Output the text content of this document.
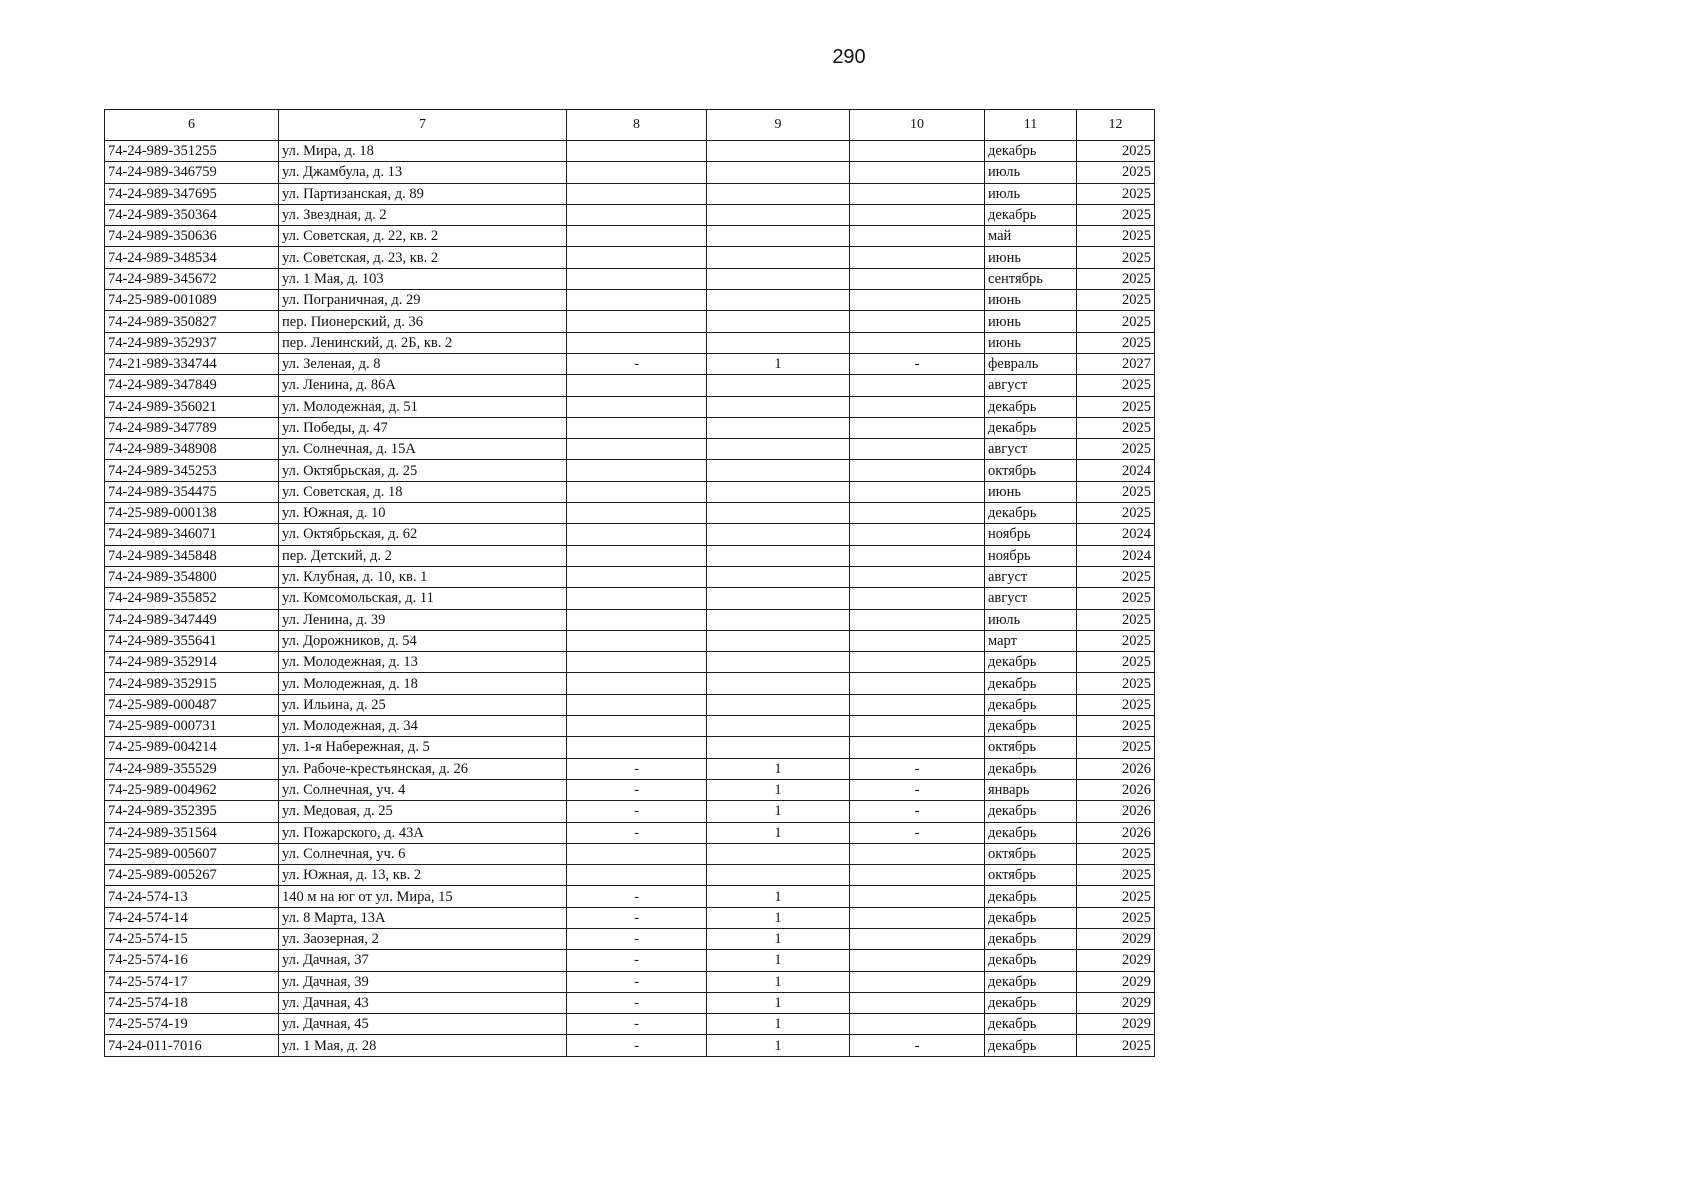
290
6	7	8	9	10	11	12
74-24-989-351255	ул. Мира, д. 18				декабрь	2025
74-24-989-346759	ул. Джамбула, д. 13				июль	2025
74-24-989-347695	ул. Партизанская, д. 89				июль	2025
74-24-989-350364	ул. Звездная, д. 2				декабрь	2025
74-24-989-350636	ул. Советская, д. 22, кв. 2				май	2025
74-24-989-348534	ул. Советская, д. 23, кв. 2				июнь	2025
74-24-989-345672	ул. 1 Мая, д. 103				сентябрь	2025
74-25-989-001089	ул. Пограничная, д. 29				июнь	2025
74-24-989-350827	пер. Пионерский, д. 36				июнь	2025
74-24-989-352937	пер. Ленинский, д. 2Б, кв. 2				июнь	2025
74-21-989-334744	ул. Зеленая, д. 8	-	1	-	февраль	2027
74-24-989-347849	ул. Ленина, д. 86А				август	2025
74-24-989-356021	ул. Молодежная, д. 51				декабрь	2025
74-24-989-347789	ул. Победы, д. 47				декабрь	2025
74-24-989-348908	ул. Солнечная, д. 15А				август	2025
74-24-989-345253	ул. Октябрьская, д. 25				октябрь	2024
74-24-989-354475	ул. Советская, д. 18				июнь	2025
74-25-989-000138	ул. Южная, д. 10				декабрь	2025
74-24-989-346071	ул. Октябрьская, д. 62				ноябрь	2024
74-24-989-345848	пер. Детский, д. 2				ноябрь	2024
74-24-989-354800	ул. Клубная, д. 10, кв. 1				август	2025
74-24-989-355852	ул. Комсомольская, д. 11				август	2025
74-24-989-347449	ул. Ленина, д. 39				июль	2025
74-24-989-355641	ул. Дорожников, д. 54				март	2025
74-24-989-352914	ул. Молодежная, д. 13				декабрь	2025
74-24-989-352915	ул. Молодежная, д. 18				декабрь	2025
74-25-989-000487	ул. Ильина, д. 25				декабрь	2025
74-25-989-000731	ул. Молодежная, д. 34				декабрь	2025
74-25-989-004214	ул. 1-я Набережная, д. 5				октябрь	2025
74-24-989-355529	ул. Рабоче-крестьянская, д. 26	-	1	-	декабрь	2026
74-25-989-004962	ул. Солнечная, уч. 4	-	1	-	январь	2026
74-24-989-352395	ул. Медовая, д. 25	-	1	-	декабрь	2026
74-24-989-351564	ул. Пожарского, д. 43А	-	1	-	декабрь	2026
74-25-989-005607	ул. Солнечная, уч. 6				октябрь	2025
74-25-989-005267	ул. Южная, д. 13, кв. 2				октябрь	2025
74-24-574-13	140 м на юг от ул. Мира, 15	-	1		декабрь	2025
74-24-574-14	ул. 8 Марта, 13А	-	1		декабрь	2025
74-25-574-15	ул. Заозерная, 2	-	1		декабрь	2029
74-25-574-16	ул. Дачная, 37	-	1		декабрь	2029
74-25-574-17	ул. Дачная, 39	-	1		декабрь	2029
74-25-574-18	ул. Дачная, 43	-	1		декабрь	2029
74-25-574-19	ул. Дачная, 45	-	1		декабрь	2029
74-24-011-7016	ул. 1 Мая, д. 28	-	1	-	декабрь	2025
